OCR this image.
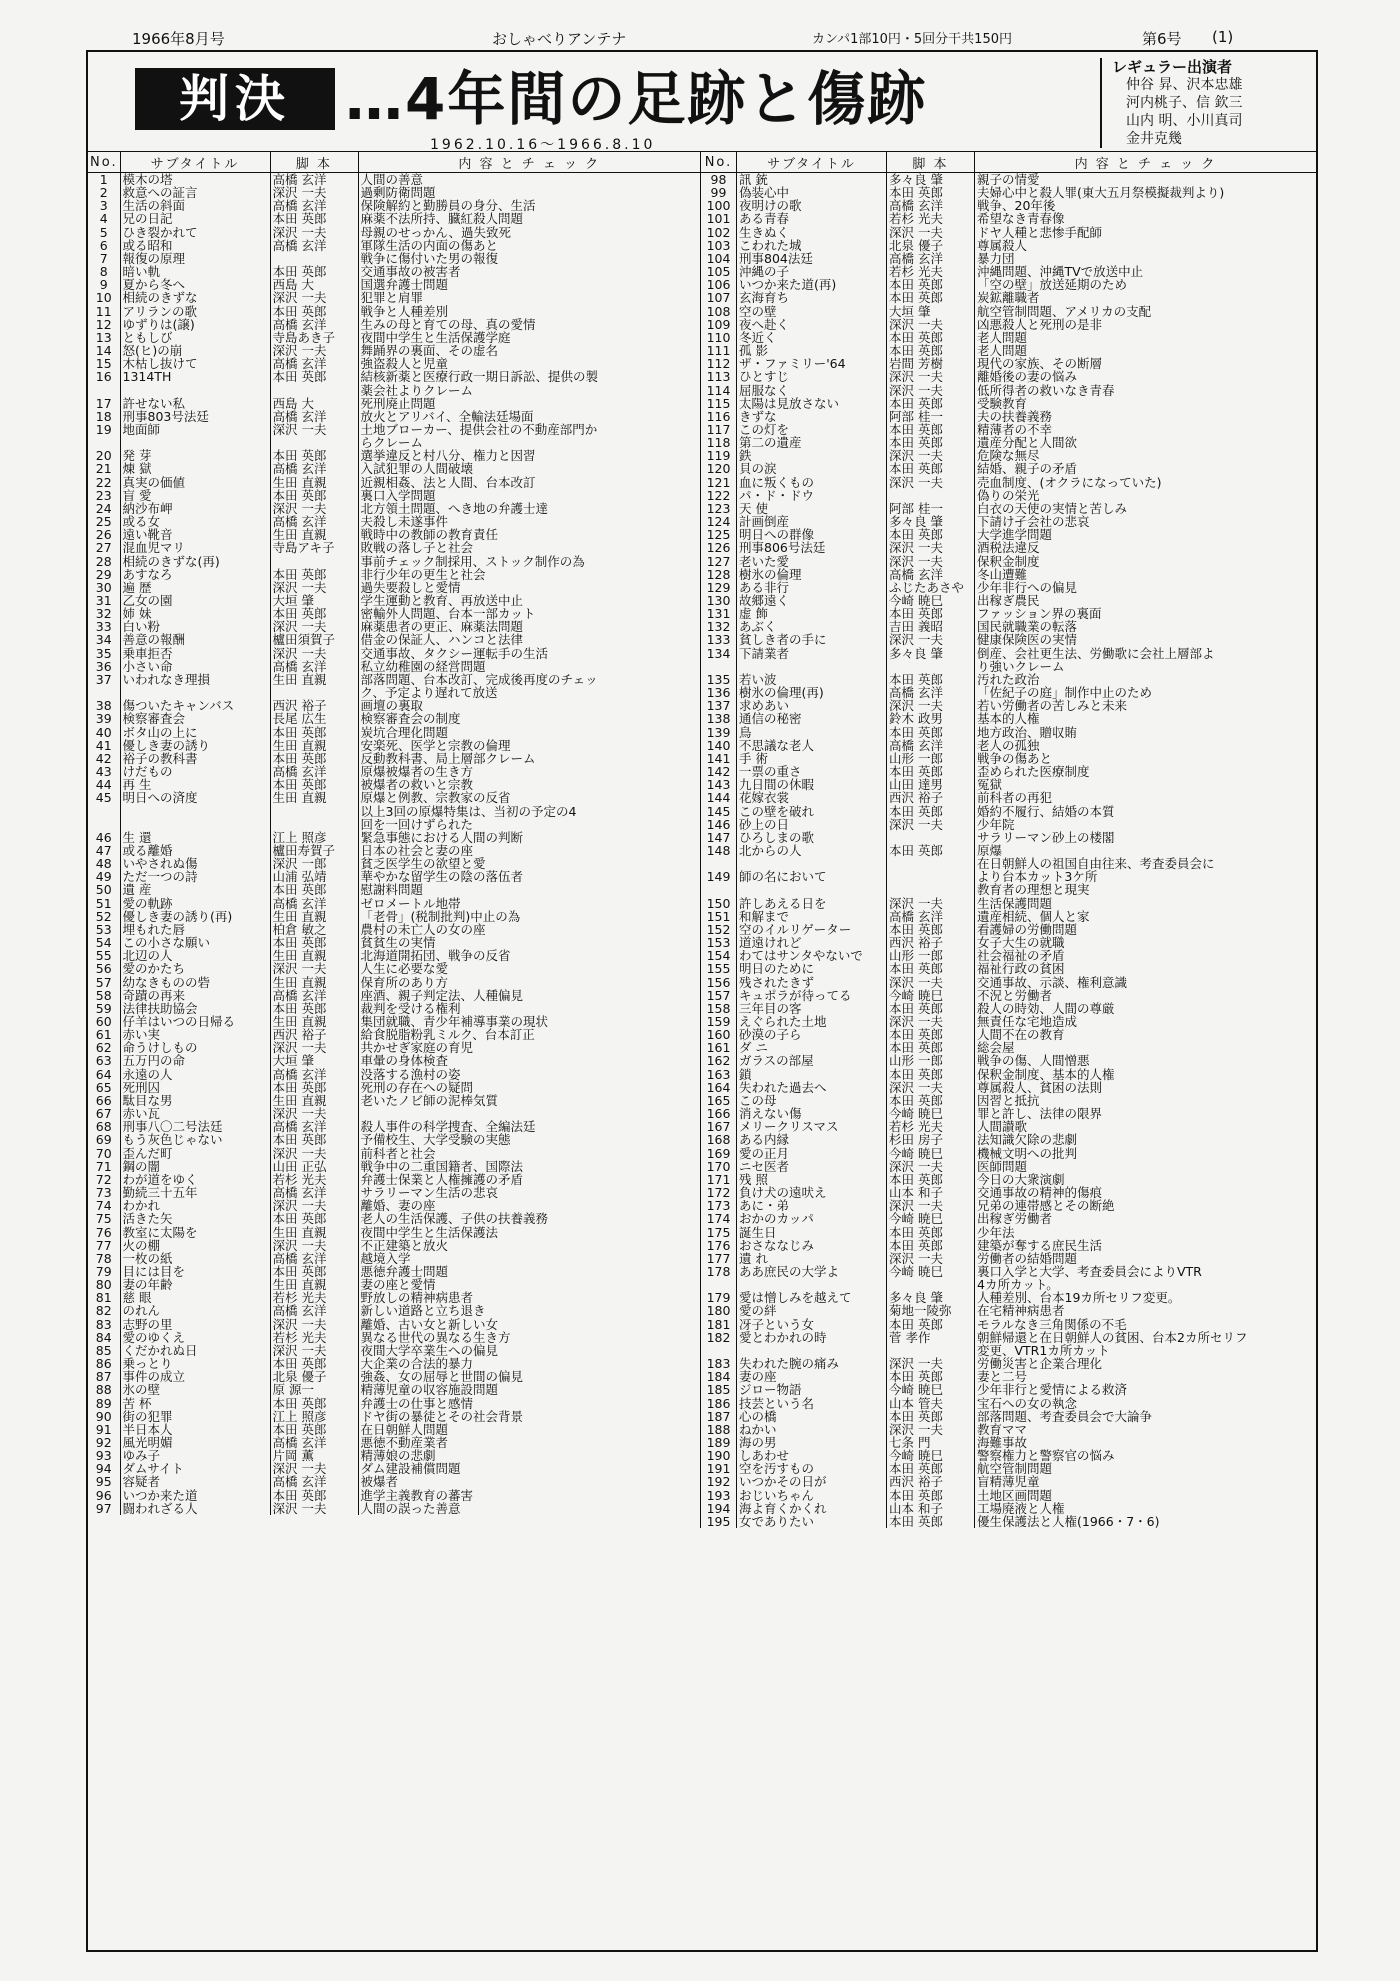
1966年8月号	おしゃべりアンテナ	カンパ1部10円・5回分干共150円	第6号 (1)
判決 …4年間の足跡と傷跡
1962.10.16〜1966.8.10
レギュラー出演者
仲谷 昇、沢本忠雄
河内桃子、信 欽三
山内 明、小川真司
金井克幾
No.	サブタイトル	脚 本	内 容 と チ ェ ッ ク
1	模木の塔	高橋 玄洋	人間の善意
2	救意への証言	深沢 一夫	過剰防衛問題
3	生活の斜面	高橋 玄洋	保険解約と勤勝員の身分、生活
4	兄の日記	本田 英郎	麻薬不法所持、臓紅殺人問題
5	ひき裂かれて	深沢 一夫	母親のせっかん、過失致死
6	或る昭和	高橋 玄洋	軍隊生活の内面の傷あと
7	報復の原理		戦争に傷付いた男の報復
8	暗い軌	本田 英郎	交通事故の被害者
9	夏から冬へ	西島 大	国選弁護士問題
10	相続のきずな	深沢 一夫	犯罪と肩罪
11	アリランの歌	本田 英郎	戦争と人種差別
12	ゆずりは(譲)	高橋 玄洋	生みの母と育ての母、真の愛情
13	ともしび	寺島あき子	夜間中学生と生活保護学庭
14	怒(ヒ)の崩	深沢 一夫	舞踊界の裏面、その虚名
15	木枯し抜けて	高橋 玄洋	強盗殺人と児童
16	1314TH	本田 英郎	結核新薬と医療行政一期日訴訟、提供の製
			薬会社よりクレーム
17	許せない私	西島 大	死刑廃止問題
18	刑事803号法廷	高橋 玄洋	放火とアリバイ、全輸法廷場面
19	地面師	深沢 一夫	土地ブローカー、提供会社の不動産部門か
			らクレーム
20	発 芽	本田 英郎	選挙違反と村八分、権力と因習
21	煉 獄	高橋 玄洋	入試犯罪の人間破壊
22	真実の価値	生田 直親	近親相姦、法と人間、台本改訂
23	盲 愛	本田 英郎	裏口入学問題
24	納沙布岬	深沢 一夫	北方領土問題、へき地の弁護士達
25	或る女	高橋 玄洋	夫殺し未遂事件
26	遠い靴音	生田 直親	戦時中の教師の教育責任
27	混血児マリ	寺島アキ子	敗戦の落し子と社会
28	相続のきずな(再)		事前チェック制採用、ストック制作の為
29	あすなろ	本田 英郎	非行少年の更生と社会
30	遍 歴	深沢 一夫	過失要殺しと愛情
31	乙女の園	大垣 肇	学生運動と教育、再放送中止
32	姉 妹	本田 英郎	密輸外人問題、台本一部カット
33	白い粉	深沢 一夫	麻薬患者の更正、麻薬法問題
34	善意の報酬	櫨田須賀子	借金の保証人、ハンコと法律
35	乗車拒否	深沢 一夫	交通事故、タクシー運転手の生活
36	小さい命	高橋 玄洋	私立幼稚園の経営問題
37	いわれなき理損	生田 直親	部落問題、台本改訂、完成後再度のチェッ
			ク、予定より遅れて放送
38	傷ついたキャンバス	西沢 裕子	画壇の裏取
39	検察審査会	長尾 広生	検察審査会の制度
40	ボタ山の上に	本田 英郎	炭坑合理化問題
41	優しき妻の誘り	生田 直親	安楽死、医学と宗教の倫理
42	裕子の教科書	本田 英郎	反動教科書、局上層部クレーム
43	けだもの	高橋 玄洋	原爆被爆者の生き方
44	再 生	本田 英郎	被爆者の救いと宗教
45	明日への済度	生田 直親	原爆と例教、宗教家の反省
			以上3回の原爆特集は、当初の予定の4
			回を一回けずられた
46	生 還	江上 照彦	緊急事態における人間の判断
47	或る離婚	櫨田寿賀子	日本の社会と妻の座
48	いやされぬ傷	深沢 一郎	貧乏医学生の欲望と愛
49	ただ一つの詩	山浦 弘靖	華やかな留学生の陰の落伍者
50	遺 産	本田 英郎	慰謝料問題
51	愛の軌跡	高橋 玄洋	ゼロメートル地帯
52	優しき妻の誘り(再)	生田 直親	「老骨」(税制批判)中止の為
53	埋もれた唇	柏倉 敏之	農村の未亡人の女の座
54	この小さな願い	本田 英郎	貧貧生の実情
55	北辺の人	生田 直親	北海道開拓団、戦争の反省
56	愛のかたち	深沢 一夫	人生に必要な愛
57	幼なきものの砦	生田 直親	保育所のあり方
58	奇蹟の再来	高橋 玄洋	座酒、親子判定法、人種偏見
59	法律扶助協会	本田 英郎	裁判を受ける権利
60	仔羊はいつの日帰る	生田 直親	集団就職、青少年補導事業の現状
61	赤い実	西沢 裕子	給食脱脂粉乳ミルク、台本訂正
62	命うけしもの	深沢 一夫	共かせぎ家庭の育児
63	五万円の命	大垣 肇	車暈の身体検査
64	永遠の人	高橋 玄洋	没落する漁村の姿
65	死刑囚	本田 英郎	死刑の存在への疑問
66	駄目な男	生田 直親	老いたノビ師の泥棒気質
67	赤い瓦	深沢 一夫	
68	刑事八〇二号法廷	高橋 玄洋	殺人事件の科学捜査、全編法廷
69	もう灰色じゃない	本田 英郎	予備校生、大学受験の実態
70	歪んだ町	深沢 一夫	前科者と社会
71	鋼の闇	山田 正弘	戦争中の二重国籍者、国際法
72	わが道をゆく	若杉 光夫	弁護士保業と人権擁護の矛盾
73	勤続三十五年	高橋 玄洋	サラリーマン生活の悲哀
74	わかれ	深沢 一夫	離婚、妻の座
75	活きた矢	本田 英郎	老人の生活保護、子供の扶養義務
76	教室に太陽を	生田 直親	夜間中学生と生活保護法
77	火の棚	深沢 一夫	不正建築と放火
78	一枚の紙	高橋 玄洋	越境入学
79	目には目を	本田 英郎	悪徳弁護士問題
80	妻の年齢	生田 直親	妻の座と愛情
81	慈 眼	若杉 光夫	野放しの精神病患者
82	のれん	高橋 玄洋	新しい道路と立ち退き
83	志野の里	深沢 一夫	離婚、古い女と新しい女
84	愛のゆくえ	若杉 光夫	異なる世代の異なる生き方
85	くだかれぬ日	深沢 一夫	夜間大学卒業生への偏見
86	乗っとり	本田 英郎	大企業の合法的暴力
87	事件の成立	北泉 優子	強姦、女の屈辱と世間の偏見
88	氷の壁	原 源一	精薄児童の収容施設問題
89	苦 杯	本田 英郎	弁護士の仕事と感情
90	街の犯罪	江上 照彦	ドヤ街の暴徒とその社会背景
91	半日本人	本田 英郎	在日朝鮮人問題
92	風光明媚	高橋 玄洋	悪徳不動産業者
93	ゆみ子	片岡 薫	精薄娘の悲劇
94	ダムサイト	深沢 一夫	ダム建設補償問題
95	容疑者	高橋 玄洋	被爆者
96	いつか来た道	本田 英郎	進学主義教育の蕃害
97	闘われざる人	深沢 一夫	人間の誤った善意
No.	サブタイトル	脚 本	内 容 と チ ェ ッ ク
98	訊 銃	多々良 肇	親子の情愛
99	偽装心中	本田 英郎	夫婦心中と殺人罪(東大五月祭模擬裁判より)
100	夜明けの歌	高橋 玄洋	戦争、20年後
101	ある青春	若杉 光夫	希望なき青春像
102	生きぬく	深沢 一夫	ドヤ人種と悲惨手配師
103	こわれた城	北泉 優子	尊属殺人
104	刑事804法廷	高橋 玄洋	暴力団
105	沖縄の子	若杉 光夫	沖縄問題、沖縄TVで放送中止
106	いつか来た道(再)	本田 英郎	「空の壁」放送延期のため
107	玄海育ち	本田 英郎	炭鉱離職者
108	空の壁	大垣 肇	航空管制問題、アメリカの支配
109	夜へ赴く	深沢 一夫	凶悪殺人と死刑の是非
110	冬近く	本田 英郎	老人問題
111	孤 影	本田 英郎	老人問題
112	ザ・ファミリー'64	岩間 芳樹	現代の家族、その断層
113	ひとすじ	深沢 一夫	離婚後の妻の悩み
114	屈服なく	深沢 一夫	低所得者の救いなき青春
115	太陽は見放さない	本田 英郎	受験教育
116	きずな	阿部 桂一	夫の扶養義務
117	この灯を	本田 英郎	精薄者の不幸
118	第二の遺産	本田 英郎	遺産分配と人間欲
119	鉄	深沢 一夫	危険な無尽
120	貝の涙	本田 英郎	結婚、親子の矛盾
121	血に叛くもの	深沢 一夫	売血制度、(オクラになっていた)
122	パ・ド・ドウ		偽りの栄光
123	天 使	阿部 桂一	白衣の天使の実情と苦しみ
124	計画倒産	多々良 肇	下請け孑会社の悲哀
125	明日への群像	本田 英郎	大学進学問題
126	刑事806号法廷	深沢 一夫	酒税法違反
127	老いた愛	深沢 一夫	保釈金制度
128	樹氷の倫理	高橋 玄洋	冬山遭難
129	ある非行	ふじたあさや	少年非行への偏見
130	故郷遠く	今崎 暁巳	出稼ぎ農民
131	虚 飾	本田 英郎	ファッション界の裏面
132	あぶく	吉田 義昭	国民就職業の転落
133	貧しき者の手に	深沢 一夫	健康保険医の実情
134	下請業者	多々良 肇	倒産、会社更生法、労働歌に会社上層部よ
			り強いクレーム
135	若い波	本田 英郎	汚れた政治
136	樹氷の倫理(再)	高橋 玄洋	「佐紀子の庭」制作中止のため
137	求めあい	深沢 一夫	若い労働者の苦しみと未来
138	通信の秘密	鈴木 政男	基本的人権
139	鳥	本田 英郎	地方政治、贈収賄
140	不思議な老人	高橋 玄洋	老人の孤独
141	手 術	山形 一郎	戦争の傷あと
142	一票の重さ	本田 英郎	歪められた医療制度
143	九日間の休暇	山田 達男	冤獄
144	花嫁衣裳	西沢 裕子	前科者の再犯
145	この壁を破れ	本田 英郎	婚約不履行、結婚の本質
146	砂上の日	深沢 一夫	少年院
147	ひろしまの歌		サラリーマン砂上の楼閣
148	北からの人	本田 英郎	原爆
			在日朝鮮人の祖国自由往来、考査委員会に
149	師の名において		より台本カット3ケ所
			教育者の理想と現実
150	許しあえる日を	深沢 一夫	生活保護問題
151	和解まで	高橋 玄洋	遺産相続、個人と家
152	空のイルリゲーター	本田 英郎	看護婦の労働問題
153	道遠けれど	西沢 裕子	女子大生の就職
154	わてはサンタやないで	山形 一郎	社会福祉の矛盾
155	明日のために	本田 英郎	福祉行政の貧困
156	残されたきず	深沢 一夫	交通事故、示談、権利意識
157	キュポラが待ってる	今崎 暁巳	不況と労働者
158	三年目の客	本田 英郎	殺人の時効、人間の尊厳
159	えぐられた土地	深沢 一夫	無責任な宅地造成
160	砂漠の子ら	本田 英郎	人間不在の教育
161	ダ ニ	本田 英郎	総会屋
162	ガラスの部屋	山形 一郎	戦争の傷、人間憎悪
163	鎖	本田 英郎	保釈金制度、基本的人権
164	失われた過去へ	深沢 一夫	尊属殺人、貧困の法則
165	この母	本田 英郎	因習と抵抗
166	消えない傷	今崎 暁巳	罪と許し、法律の限界
167	メリークリスマス	若杉 光夫	人間讃歌
168	ある内縁	杉田 房子	法知識欠除の悲劇
169	愛の正月	今崎 暁巳	機械文明への批判
170	ニセ医者	深沢 一夫	医師問題
171	残 照	本田 英郎	今日の大衆演劇
172	負け犬の遠吠え	山本 和子	交通事故の精神的傷痕
173	あに・弟	深沢 一夫	兄弟の連帯感とその断絶
174	おかのカッパ	今崎 暁巳	出稼ぎ労働者
175	誕生日	本田 英郎	少年法
176	おさななじみ	本田 英郎	建築が奪する庶民生活
177	遺 れ	深沢 一夫	労働者の結婚問題
178	ああ庶民の大学よ	今崎 暁巳	裏口入学と大学、考査委員会によりVTR
			4カ所カット。
179	愛は憎しみを越えて	多々良 肇	人種差別、台本19カ所セリフ変更。
180	愛の絆	菊地一陵弥	在宅精神病患者
181	冴子という女	本田 英郎	モラルなき三角関係の不毛
182	愛とわかれの時	菅 孝作	朝鮮帰還と在日朝鮮人の貧困、台本2カ所セリフ
			変更、VTR1カ所カット
183	失われた腕の痛み	深沢 一夫	労働災害と企業合理化
184	妻の座	本田 英郎	妻と二号
185	ジロー物語	今崎 暁巳	少年非行と愛情による救済
186	技芸という名	山本 管夫	宝石への女の執念
187	心の橋	本田 英郎	部落問題、考査委員会で大論争
188	ねかい	深沢 一夫	教育ママ
189	海の男	七条 門	海難事故
190	しあわせ	今崎 暁巳	警察権力と警察官の悩み
191	空を汚すもの	本田 英郎	航空管制問題
192	いつかその日が	西沢 裕子	盲精薄児童
193	おじいちゃん	本田 英郎	土地区画問題
194	海よ育くかくれ	山本 和子	工場廃液と人権
195	女でありたい	本田 英郎	優生保護法と人権(1966・7・6)
